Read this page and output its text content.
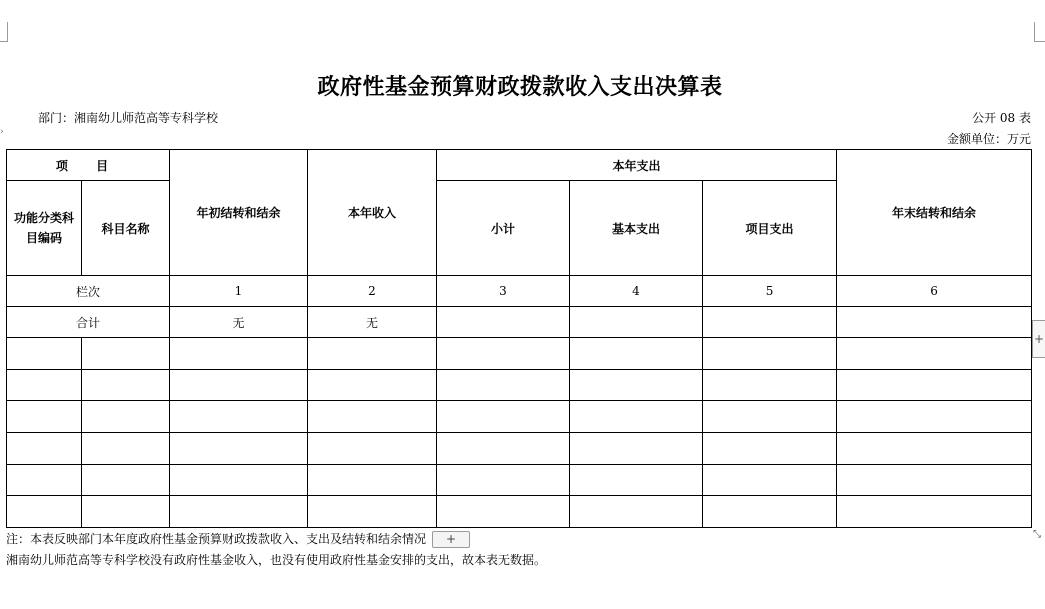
政府性基金预算财政拨款收入支出决算表
部门：湘南幼儿师范高等专科学校	公开 08 表
金额单位：万元
›
项 目		年初结转和结余	本年收入	本年支出			年末结转和结余
功能分类科目编码	科目名称			小计	基本支出	项目支出	
栏次		1	2	3	4	5	6
合计		无	无				

+
⤡
注：本表反映部门本年度政府性基金预算财政拨款收入、支出及结转和结余情况 +
湘南幼儿师范高等专科学校没有政府性基金收入，也没有使用政府性基金安排的支出，故本表无数据。
